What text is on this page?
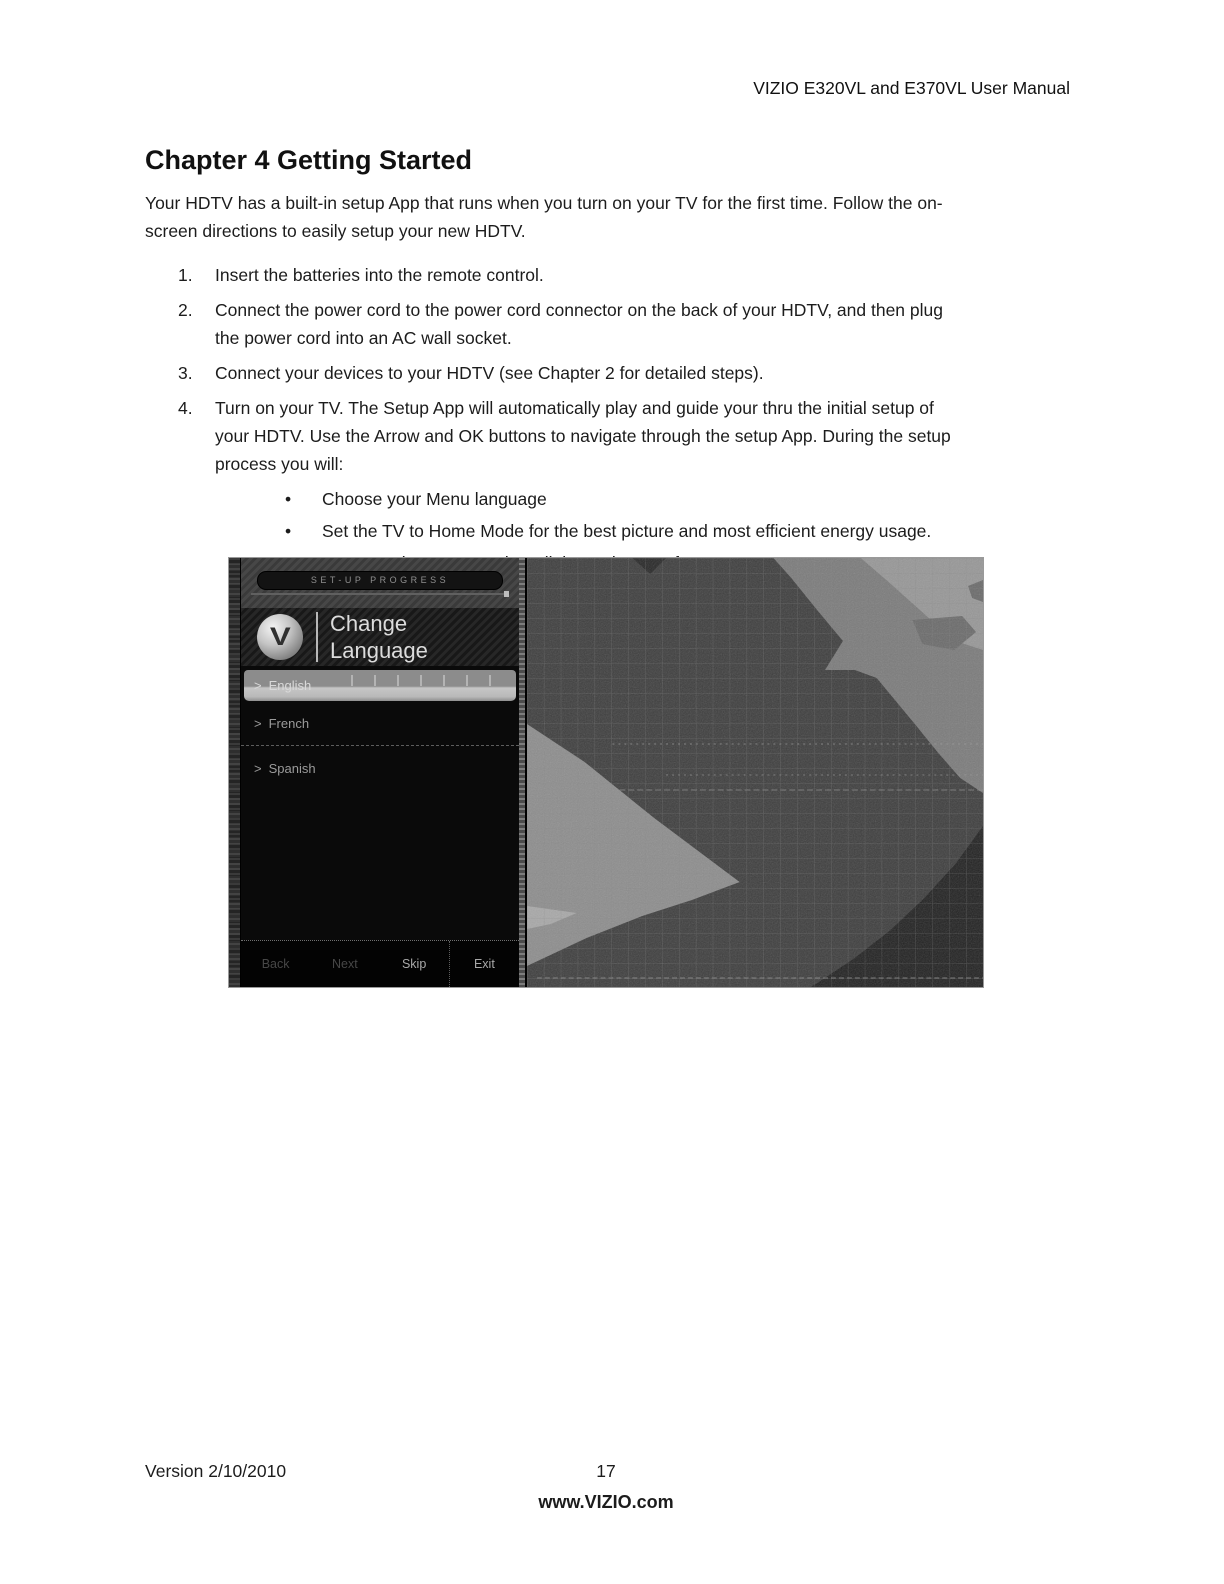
VIZIO E320VL and E370VL User Manual
Chapter 4 Getting Started
Your HDTV has a built-in setup App that runs when you turn on your TV for the first time. Follow the on-
screen directions to easily setup your new HDTV.
1.	Insert the batteries into the remote control.
2.	Connect the power cord to the power cord connector on the back of your HDTV, and then plug
the power cord into an AC wall socket.
3.	Connect your devices to your HDTV (see Chapter 2 for detailed steps).
4.	Turn on your TV. The Setup App will automatically play and guide your thru the initial setup of
your HDTV. Use the Arrow and OK buttons to navigate through the setup App. During the setup
process you will:
•
Choose your Menu language
•
Set the TV to Home Mode for the best picture and most efficient energy usage.
•
•
SET-UP PROGRESS
V Change
Language
> English
> French
> Spanish
Back	Next	Skip	Exit
Version 2/10/2010	17
www.VIZIO.com
